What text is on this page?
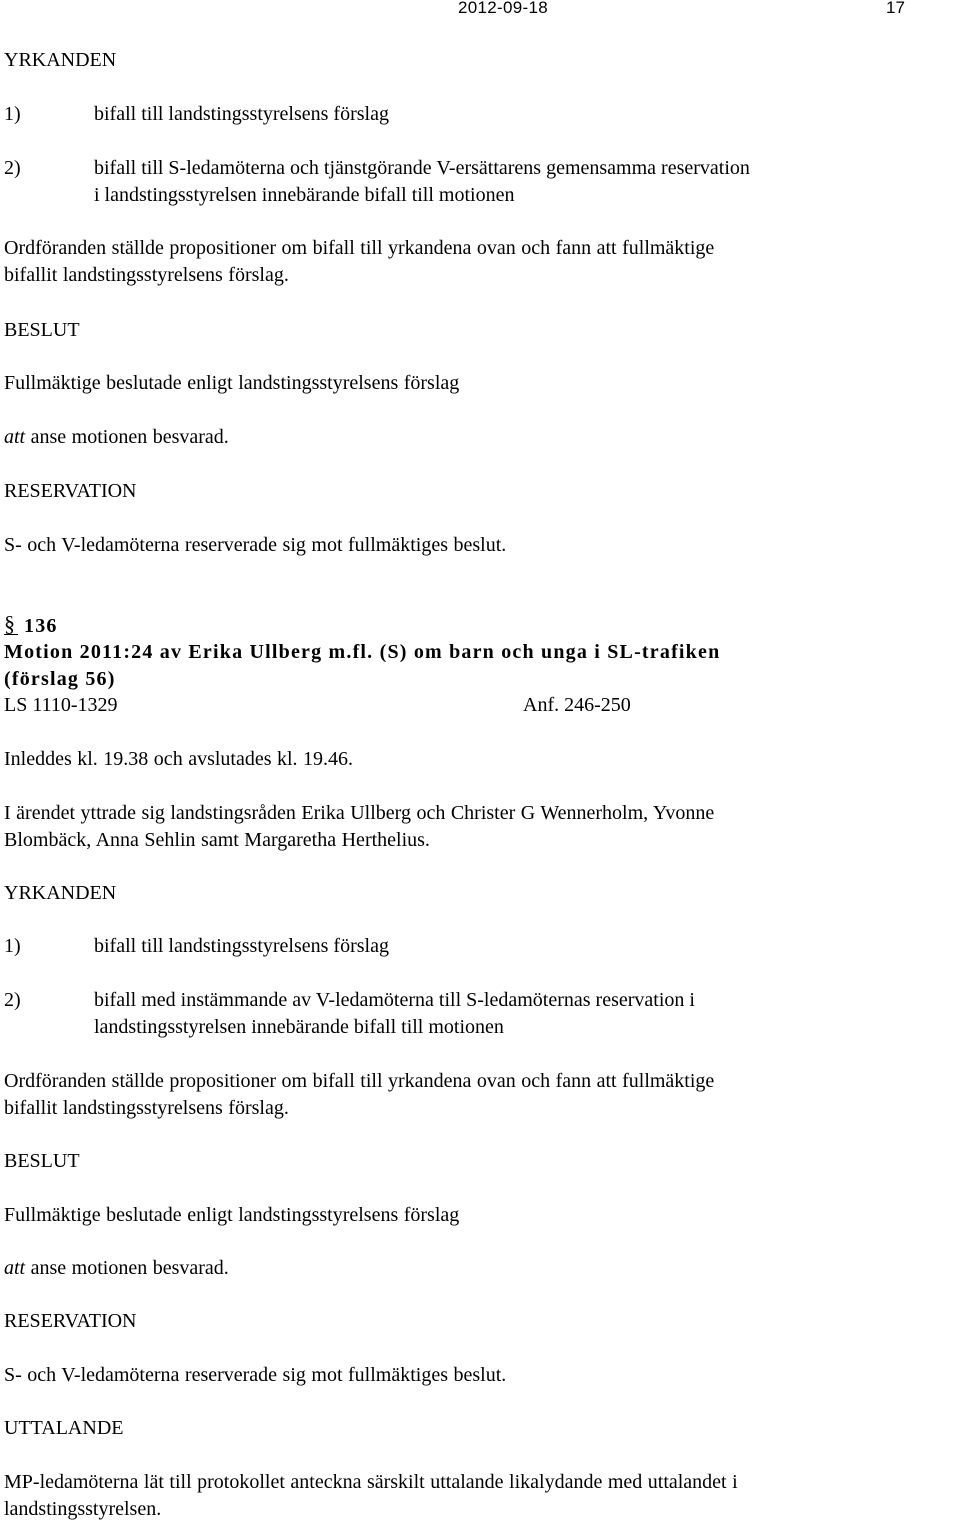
2012-09-18	17

YRKANDEN

1)	bifall till landstingsstyrelsens förslag
2)	bifall till S-ledamöterna och tjänstgörande V-ersättarens gemensamma reservation
i landstingsstyrelsen innebärande bifall till motionen

Ordföranden ställde propositioner om bifall till yrkandena ovan och fann att fullmäktige

bifallit landstingsstyrelsens förslag.

BESLUT

Fullmäktige beslutade enligt landstingsstyrelsens förslag

att anse motionen besvarad.

RESERVATION

S- och V-ledamöterna reserverade sig mot fullmäktiges beslut.

§136
Motion 2011:24 av Erika Ullberg m.fl. (S) om barn och unga i SL-trafiken
(förslag 56)
LS 1110-1329	Anf. 246-250

Inleddes kl. 19.38 och avslutades kl. 19.46.

I ärendet yttrade sig landstingsråden Erika Ullberg och Christer G Wennerholm, Yvonne

Blombäck, Anna Sehlin samt Margaretha Herthelius.

YRKANDEN

1)	bifall till landstingsstyrelsens förslag
2)	bifall med instämmande av V-ledamöterna till S-ledamöternas reservation i
landstingsstyrelsen innebärande bifall till motionen

Ordföranden ställde propositioner om bifall till yrkandena ovan och fann att fullmäktige

bifallit landstingsstyrelsens förslag.

BESLUT

Fullmäktige beslutade enligt landstingsstyrelsens förslag

att anse motionen besvarad.

RESERVATION

S- och V-ledamöterna reserverade sig mot fullmäktiges beslut.

UTTALANDE

MP-ledamöterna lät till protokollet anteckna särskilt uttalande likalydande med uttalandet i

landstingsstyrelsen.
